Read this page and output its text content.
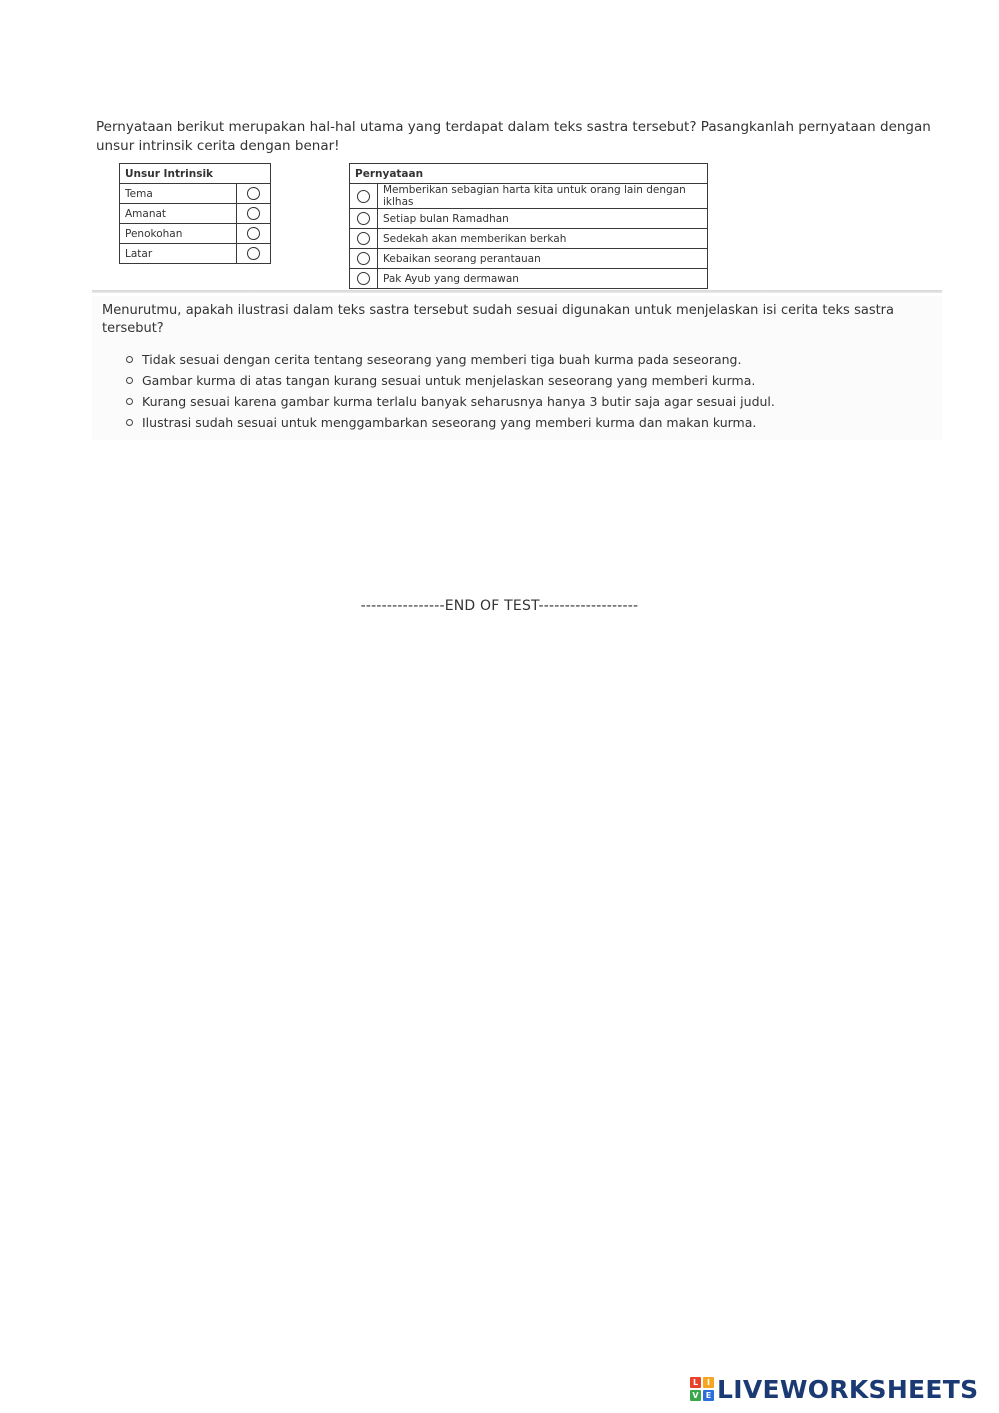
Pernyataan berikut merupakan hal-hal utama yang terdapat dalam teks sastra tersebut? Pasangkanlah pernyataan dengan unsur intrinsik cerita dengan benar!
Unsur Intrinsik	
Tema	
Amanat	
Penokohan	
Latar	
Pernyataan	
	Memberikan sebagian harta kita untuk orang lain dengan iklhas
	Setiap bulan Ramadhan
	Sedekah akan memberikan berkah
	Kebaikan seorang perantauan
	Pak Ayub yang dermawan
Menurutmu, apakah ilustrasi dalam teks sastra tersebut sudah sesuai digunakan untuk menjelaskan isi cerita teks sastra tersebut?
Tidak sesuai dengan cerita tentang seseorang yang memberi tiga buah kurma pada seseorang.
Gambar kurma di atas tangan kurang sesuai untuk menjelaskan seseorang yang memberi kurma.
Kurang sesuai karena gambar kurma terlalu banyak seharusnya hanya 3 butir saja agar sesuai judul.
Ilustrasi sudah sesuai untuk menggambarkan seseorang yang memberi kurma dan makan kurma.
----------------END OF TEST-------------------
L	I
V E LIVEWORKSHEETS
